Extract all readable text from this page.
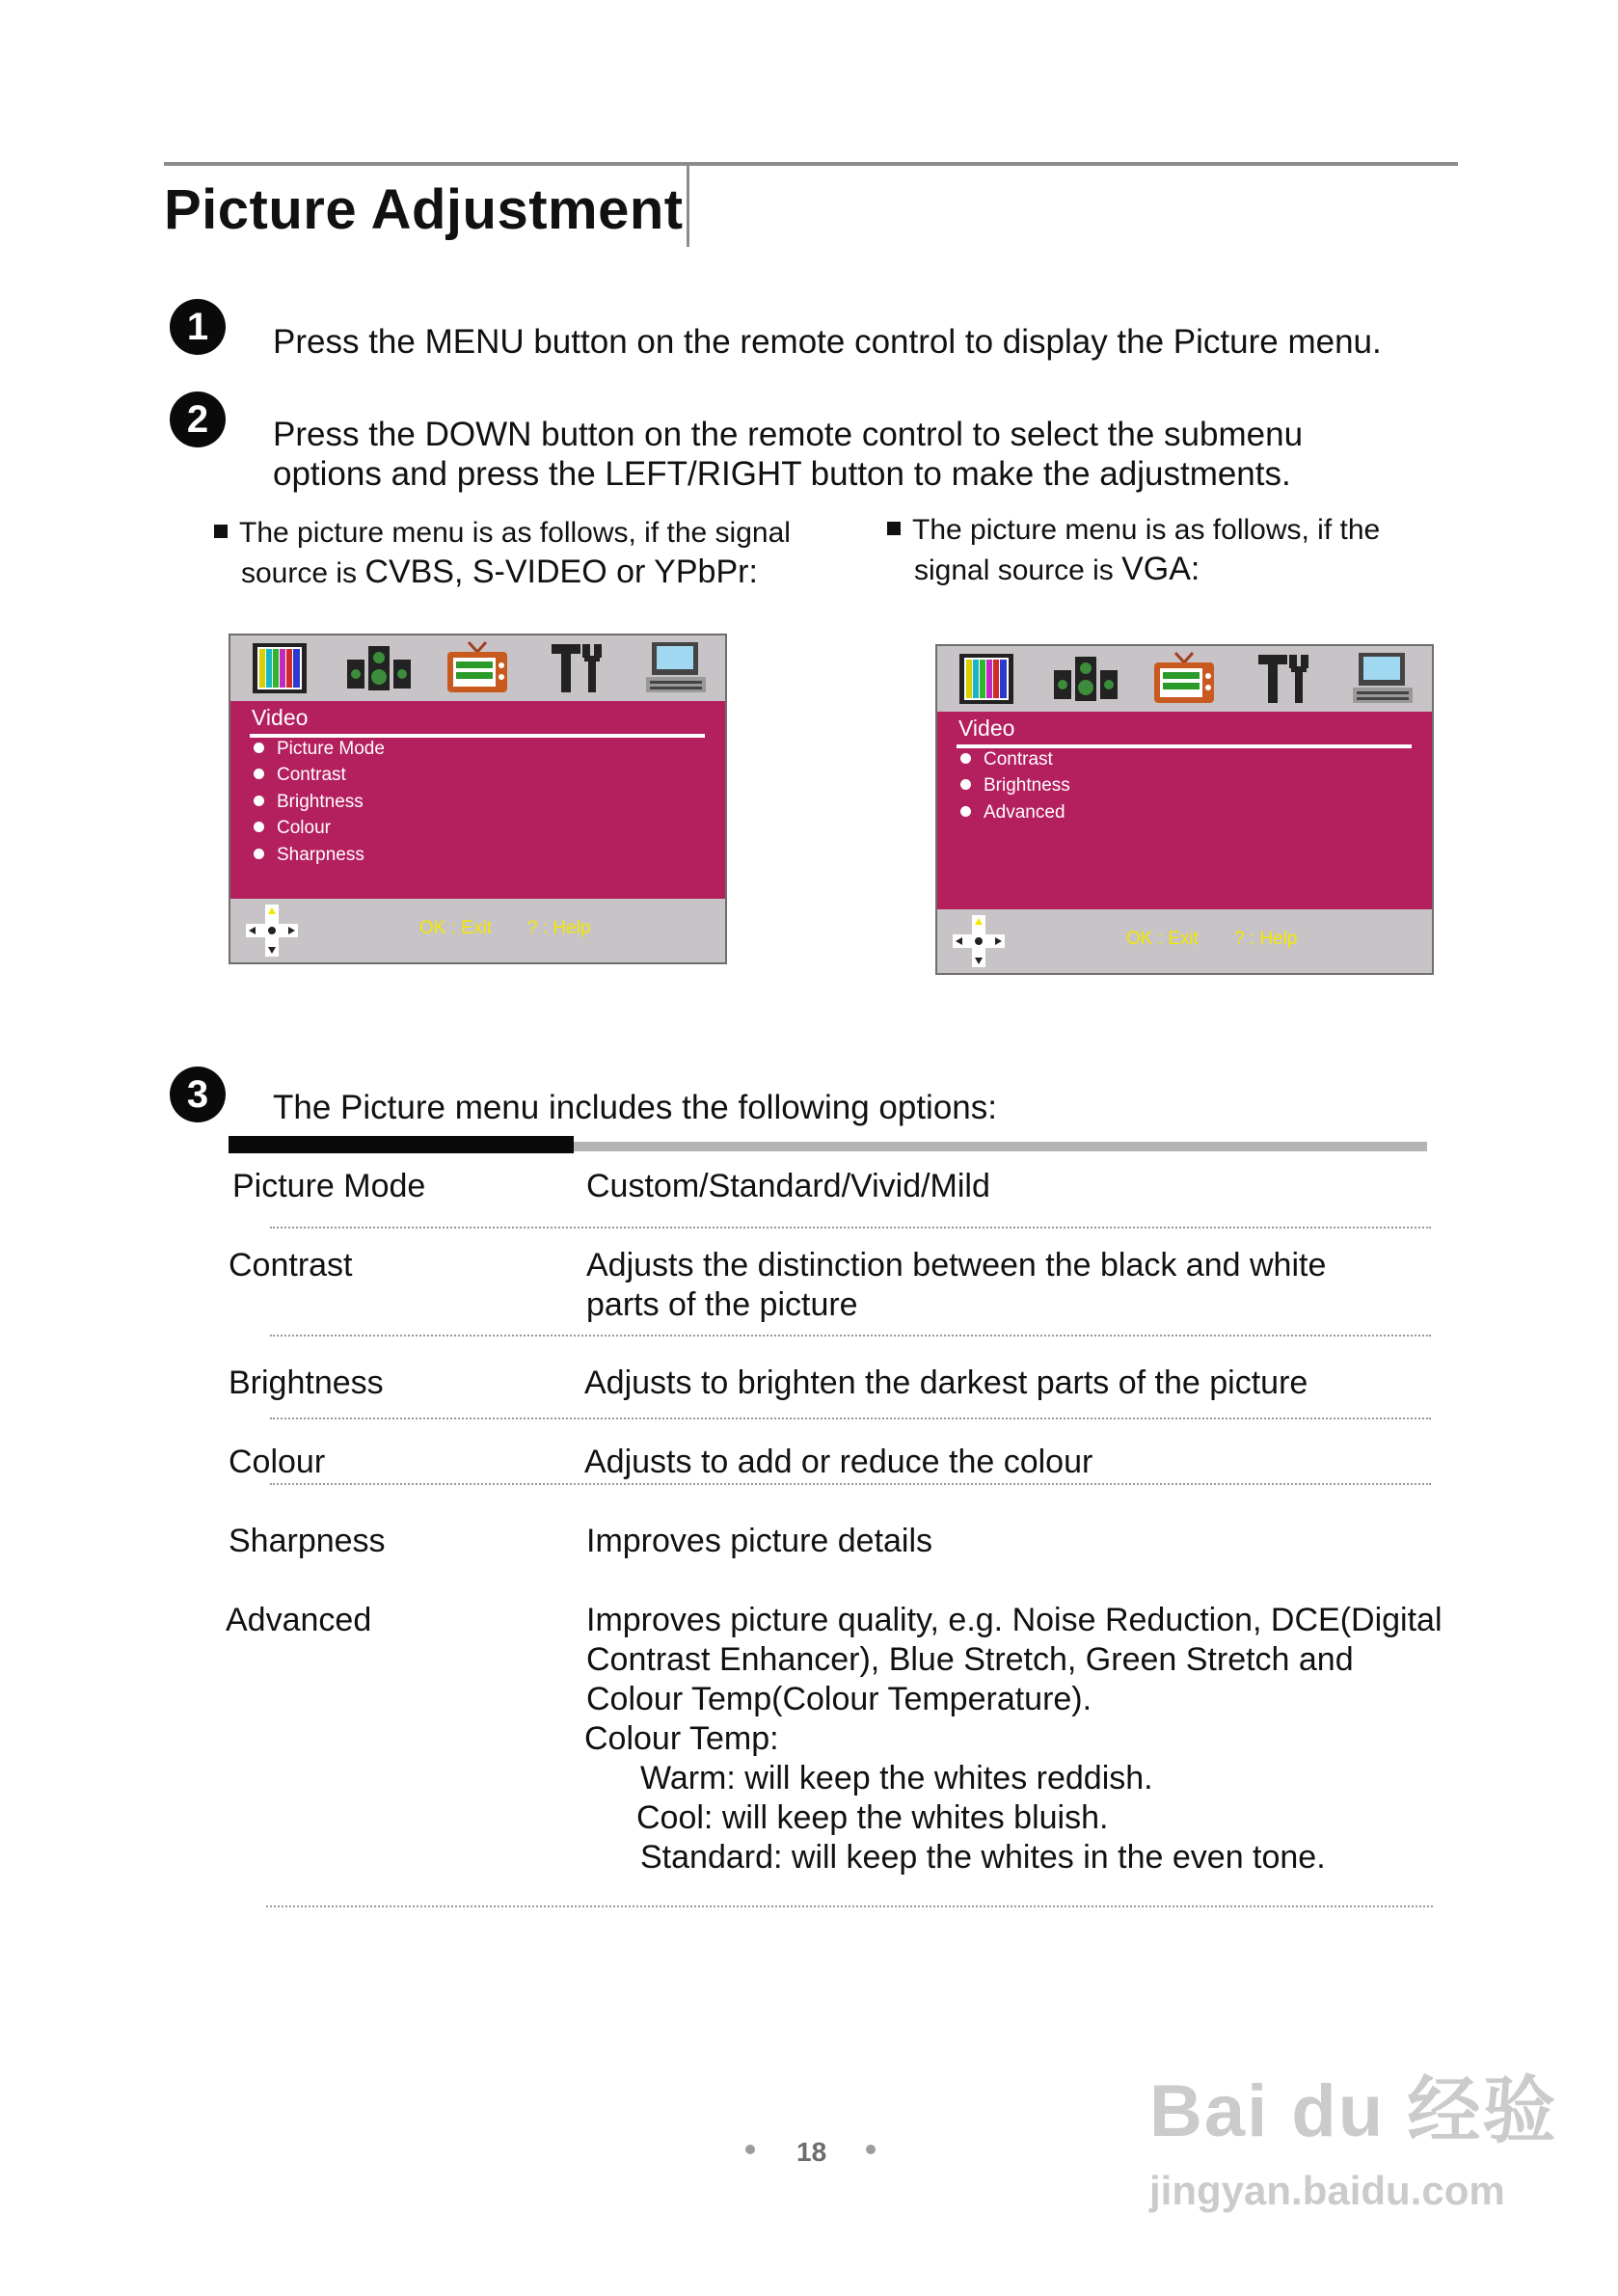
Picture Adjustment
1	Press the MENU button on the remote control to display the Picture menu.
2	Press the DOWN button on the remote control to select the submenu
options and press the LEFT/RIGHT button to make the adjustments.
The picture menu is as follows, if the signal
source is CVBS, S-VIDEO or YPbPr:
The picture menu is as follows, if the
signal source is VGA:
Video
Picture Mode
Contrast
Brightness
Colour
Sharpness
OK : Exit ? : Help
Video
Contrast
Brightness
Advanced
OK : Exit ? : Help
3	The Picture menu includes the following options:
Picture Mode	Custom/Standard/Vivid/Mild
Contrast	Adjusts the distinction between the black and white
parts of the picture
Brightness	Adjusts to brighten the darkest parts of the picture
Colour	Adjusts to add or reduce the colour
Sharpness	Improves picture details
Advanced	Improves picture quality, e.g. Noise Reduction, DCE(Digital
Contrast Enhancer), Blue Stretch, Green Stretch and
Colour Temp(Colour Temperature).
Colour Temp:
Warm: will keep the whites reddish.
Cool: will keep the whites bluish.
Standard: will keep the whites in the even tone.
18	Bai du 经验
jingyan.baidu.com
